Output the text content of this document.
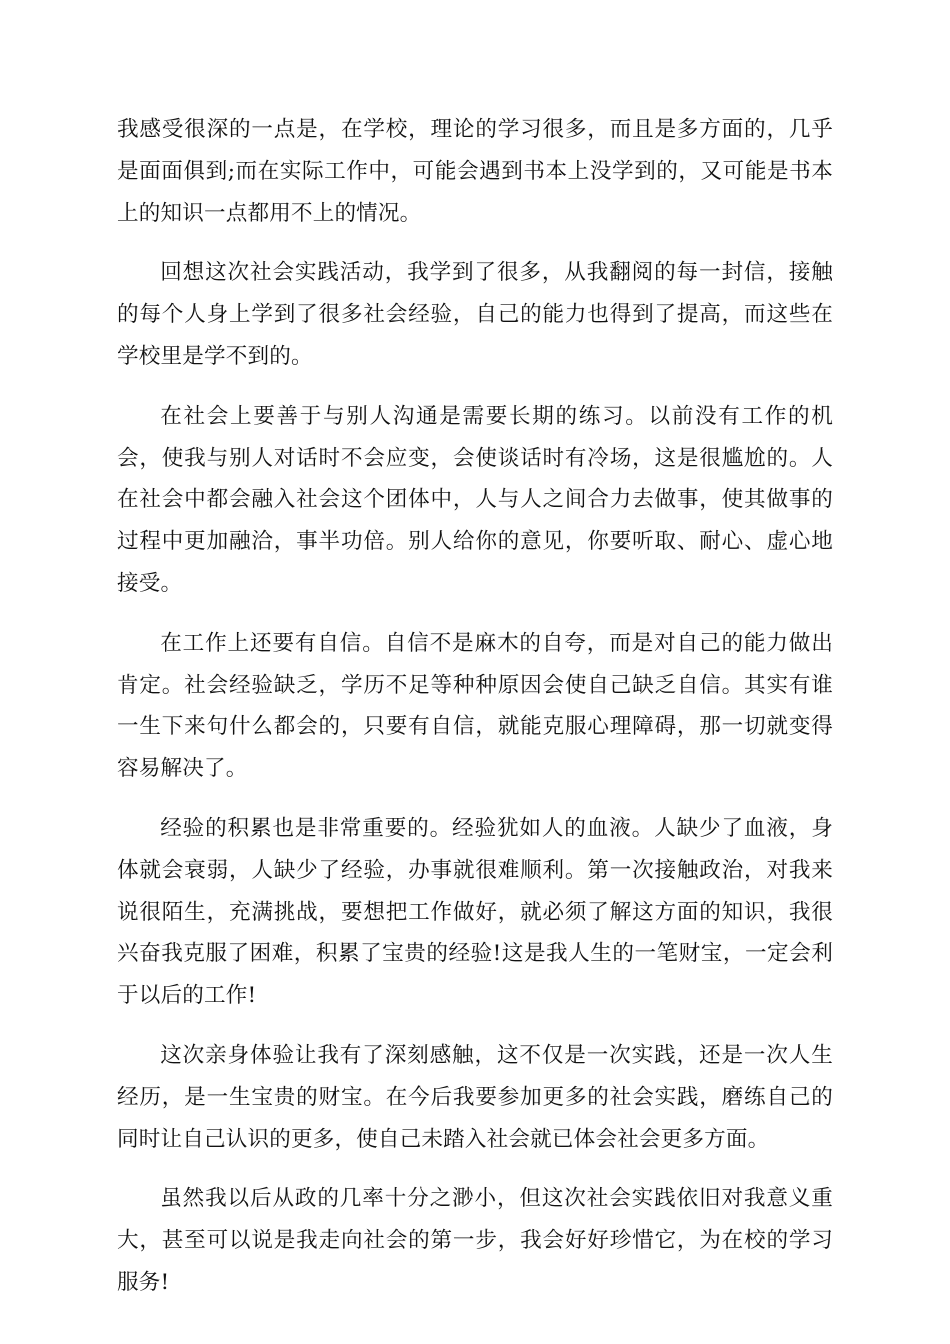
我感受很深的一点是，在学校，理论的学习很多，而且是多方面的，几乎是面面俱到;而在实际工作中，可能会遇到书本上没学到的，又可能是书本上的知识一点都用不上的情况。

回想这次社会实践活动，我学到了很多，从我翻阅的每一封信，接触的每个人身上学到了很多社会经验，自己的能力也得到了提高，而这些在学校里是学不到的。

在社会上要善于与别人沟通是需要长期的练习。以前没有工作的机会，使我与别人对话时不会应变，会使谈话时有冷场，这是很尴尬的。人在社会中都会融入社会这个团体中，人与人之间合力去做事，使其做事的过程中更加融洽，事半功倍。别人给你的意见，你要听取、耐心、虚心地接受。

在工作上还要有自信。自信不是麻木的自夸，而是对自己的能力做出肯定。社会经验缺乏，学历不足等种种原因会使自己缺乏自信。其实有谁一生下来句什么都会的，只要有自信，就能克服心理障碍，那一切就变得容易解决了。

经验的积累也是非常重要的。经验犹如人的血液。人缺少了血液，身体就会衰弱，人缺少了经验，办事就很难顺利。第一次接触政治，对我来说很陌生，充满挑战，要想把工作做好，就必须了解这方面的知识，我很兴奋我克服了困难，积累了宝贵的经验!这是我人生的一笔财宝，一定会利于以后的工作!

这次亲身体验让我有了深刻感触，这不仅是一次实践，还是一次人生经历，是一生宝贵的财宝。在今后我要参加更多的社会实践，磨练自己的同时让自己认识的更多，使自己未踏入社会就已体会社会更多方面。

虽然我以后从政的几率十分之渺小，但这次社会实践依旧对我意义重大，甚至可以说是我走向社会的第一步，我会好好珍惜它，为在校的学习服务!
